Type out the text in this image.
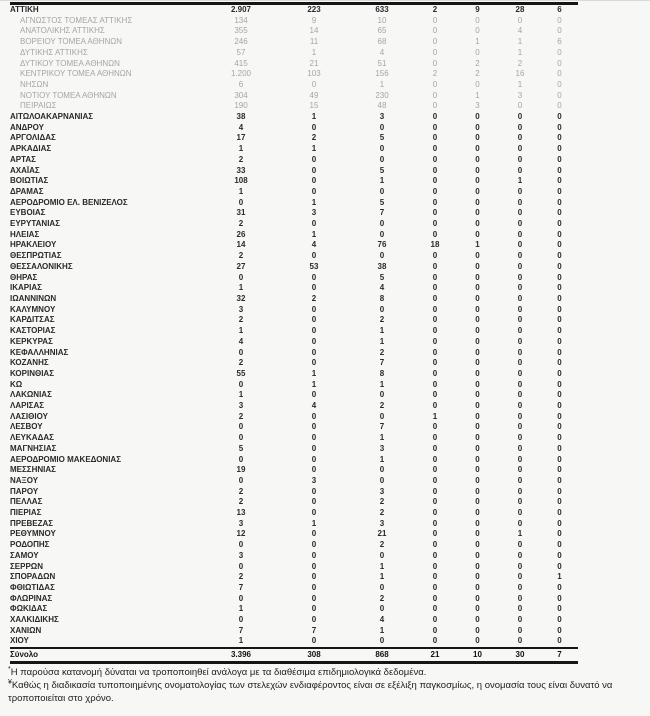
ΑΤΤΙΚΗ	2.907	223	633	2	9	28	6
ΑΓΝΩΣΤΟΣ ΤΟΜΕΑΣ ΑΤΤΙΚΗΣ	134	9	10	0	0	0	0
ΑΝΑΤΟΛΙΚΗΣ ΑΤΤΙΚΗΣ	355	14	65	0	0	4	0
ΒΟΡΕΙΟΥ ΤΟΜΕΑ ΑΘΗΝΩΝ	246	11	68	0	1	1	6
ΔΥΤΙΚΗΣ ΑΤΤΙΚΗΣ	57	1	4	0	0	1	0
ΔΥΤΙΚΟΥ ΤΟΜΕΑ ΑΘΗΝΩΝ	415	21	51	0	2	2	0
ΚΕΝΤΡΙΚΟΥ ΤΟΜΕΑ ΑΘΗΝΩΝ	1.200	103	156	2	2	16	0
ΝΗΣΩΝ	6	0	1	0	0	1	0
ΝΟΤΙΟΥ ΤΟΜΕΑ ΑΘΗΝΩΝ	304	49	230	0	1	3	0
ΠΕΙΡΑΙΩΣ	190	15	48	0	3	0	0
ΑΙΤΩΛΟΑΚΑΡΝΑΝΙΑΣ	38	1	3	0	0	0	0
ΑΝΔΡΟΥ	4	0	0	0	0	0	0
ΑΡΓΟΛΙΔΑΣ	17	2	5	0	0	0	0
ΑΡΚΑΔΙΑΣ	1	1	0	0	0	0	0
ΑΡΤΑΣ	2	0	0	0	0	0	0
ΑΧΑΪΑΣ	33	0	5	0	0	0	0
ΒΟΙΩΤΙΑΣ	108	0	1	0	0	1	0
ΔΡΑΜΑΣ	1	0	0	0	0	0	0
ΑΕΡΟΔΡΟΜΙΟ ΕΛ. ΒΕΝΙΖΕΛΟΣ	0	1	5	0	0	0	0
ΕΥΒΟΙΑΣ	31	3	7	0	0	0	0
ΕΥΡΥΤΑΝΙΑΣ	2	0	0	0	0	0	0
ΗΛΕΙΑΣ	26	1	0	0	0	0	0
ΗΡΑΚΛΕΙΟΥ	14	4	76	18	1	0	0
ΘΕΣΠΡΩΤΙΑΣ	2	0	0	0	0	0	0
ΘΕΣΣΑΛΟΝΙΚΗΣ	27	53	38	0	0	0	0
ΘΗΡΑΣ	0	0	5	0	0	0	0
ΙΚΑΡΙΑΣ	1	0	4	0	0	0	0
ΙΩΑΝΝΙΝΩΝ	32	2	8	0	0	0	0
ΚΑΛΥΜΝΟΥ	3	0	0	0	0	0	0
ΚΑΡΔΙΤΣΑΣ	2	0	2	0	0	0	0
ΚΑΣΤΟΡΙΑΣ	1	0	1	0	0	0	0
ΚΕΡΚΥΡΑΣ	4	0	1	0	0	0	0
ΚΕΦΑΛΛΗΝΙΑΣ	0	0	2	0	0	0	0
ΚΟΖΑΝΗΣ	2	0	7	0	0	0	0
ΚΟΡΙΝΘΙΑΣ	55	1	8	0	0	0	0
ΚΩ	0	1	1	0	0	0	0
ΛΑΚΩΝΙΑΣ	1	0	0	0	0	0	0
ΛΑΡΙΣΑΣ	3	4	2	0	0	0	0
ΛΑΣΙΘΙΟΥ	2	0	0	1	0	0	0
ΛΕΣΒΟΥ	0	0	7	0	0	0	0
ΛΕΥΚΑΔΑΣ	0	0	1	0	0	0	0
ΜΑΓΝΗΣΙΑΣ	5	0	3	0	0	0	0
ΑΕΡΟΔΡΟΜΙΟ ΜΑΚΕΔΟΝΙΑΣ	0	0	1	0	0	0	0
ΜΕΣΣΗΝΙΑΣ	19	0	0	0	0	0	0
ΝΑΞΟΥ	0	3	0	0	0	0	0
ΠΑΡΟΥ	2	0	3	0	0	0	0
ΠΕΛΛΑΣ	2	0	2	0	0	0	0
ΠΙΕΡΙΑΣ	13	0	2	0	0	0	0
ΠΡΕΒΕΖΑΣ	3	1	3	0	0	0	0
ΡΕΘΥΜΝΟΥ	12	0	21	0	0	1	0
ΡΟΔΟΠΗΣ	0	0	2	0	0	0	0
ΣΑΜΟΥ	3	0	0	0	0	0	0
ΣΕΡΡΩΝ	0	0	1	0	0	0	0
ΣΠΟΡΑΔΩΝ	2	0	1	0	0	0	1
ΦΘΙΩΤΙΔΑΣ	7	0	0	0	0	0	0
ΦΛΩΡΙΝΑΣ	0	0	2	0	0	0	0
ΦΩΚΙΔΑΣ	1	0	0	0	0	0	0
ΧΑΛΚΙΔΙΚΗΣ	0	0	4	0	0	0	0
ΧΑΝΙΩΝ	7	7	1	0	0	0	0
ΧΙΟΥ	1	0	0	0	0	0	0
Σύνολο	3.396	308	868	21	10	30	7

*Η παρούσα κατανομή δύναται να τροποποιηθεί ανάλογα με τα διαθέσιμα επιδημιολογικά δεδομένα.

¥Καθώς η διαδικασία τυποποιημένης ονοματολογίας των στελεχών ενδιαφέροντος είναι σε εξέλιξη παγκοσμίως, η ονομασία τους είναι δυνατό να τροποποιείται στο χρόνο.
